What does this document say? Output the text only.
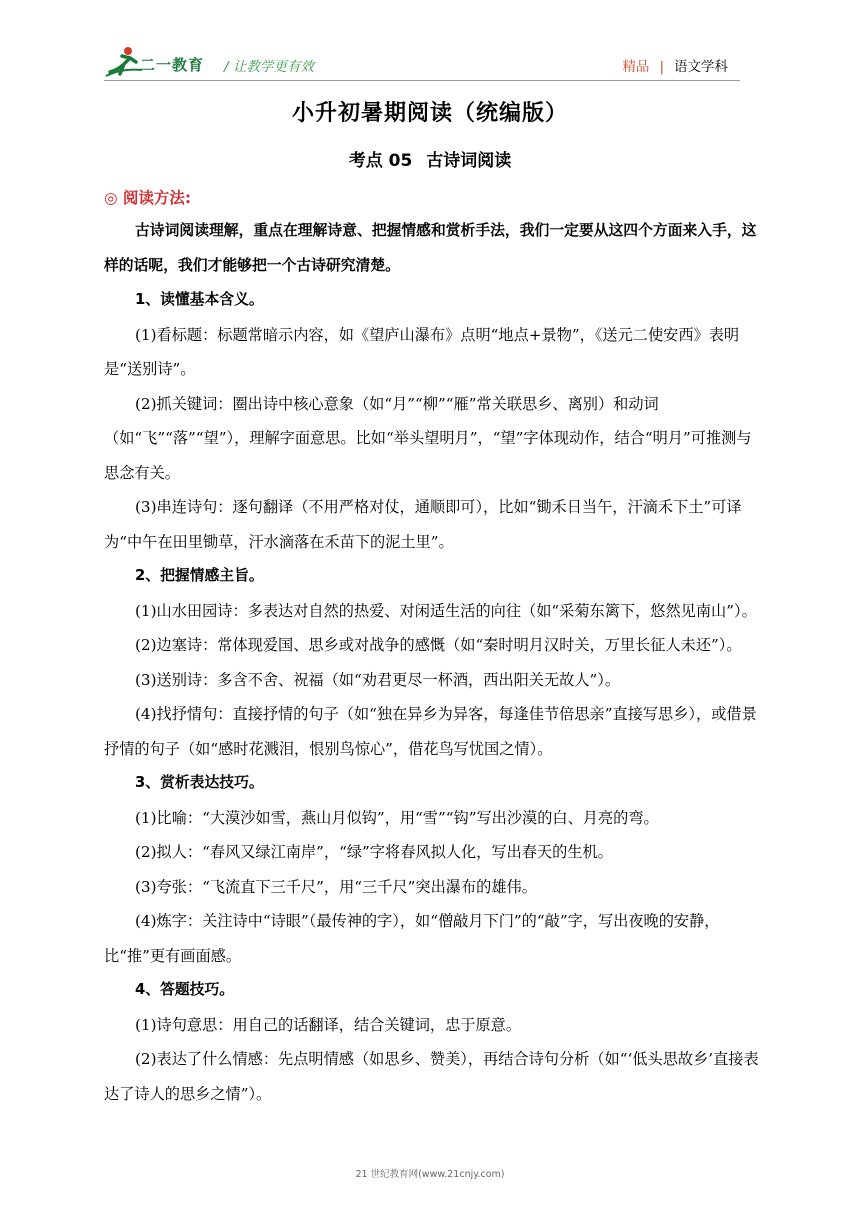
二一教育 / 让教学更有效	精品 | 语文学科
小升初暑期阅读（统编版）
考点 05 古诗词阅读
◎ 阅读方法:

古诗词阅读理解，重点在理解诗意、把握情感和赏析手法，我们一定要从这四个方面来入手，这样的话呢，我们才能够把一个古诗研究清楚。

1、读懂基本含义。

(1)看标题：标题常暗示内容，如《望庐山瀑布》点明“地点+景物”，《送元二使安西》表明是“送别诗”。

(2)抓关键词：圈出诗中核心意象（如“月”“柳”“雁”常关联思乡、离别）和动词（如“飞”“落”“望”），理解字面意思。比如“举头望明月”，“望”字体现动作，结合“明月”可推测与思念有关。

(3)串连诗句：逐句翻译（不用严格对仗，通顺即可），比如“锄禾日当午，汗滴禾下土”可译为“中午在田里锄草，汗水滴落在禾苗下的泥土里”。

2、把握情感主旨。

(1)山水田园诗：多表达对自然的热爱、对闲适生活的向往（如“采菊东篱下，悠然见南山”）。

(2)边塞诗：常体现爱国、思乡或对战争的感慨（如“秦时明月汉时关，万里长征人未还”）。

(3)送别诗：多含不舍、祝福（如“劝君更尽一杯酒，西出阳关无故人”）。

(4)找抒情句：直接抒情的句子（如“独在异乡为异客，每逢佳节倍思亲”直接写思乡），或借景抒情的句子（如“感时花溅泪，恨别鸟惊心”，借花鸟写忧国之情）。

3、赏析表达技巧。

(1)比喻：“大漠沙如雪，燕山月似钩”，用“雪”“钩”写出沙漠的白、月亮的弯。

(2)拟人：“春风又绿江南岸”，“绿”字将春风拟人化，写出春天的生机。

(3)夸张：“飞流直下三千尺”，用“三千尺”突出瀑布的雄伟。

(4)炼字：关注诗中“诗眼”（最传神的字），如“僧敲月下门”的“敲”字，写出夜晚的安静，比“推”更有画面感。

4、答题技巧。

(1)诗句意思：用自己的话翻译，结合关键词，忠于原意。

(2)表达了什么情感：先点明情感（如思乡、赞美），再结合诗句分析（如“‘低头思故乡’直接表达了诗人的思乡之情”）。

21 世纪教育网(www.21cnjy.com)
